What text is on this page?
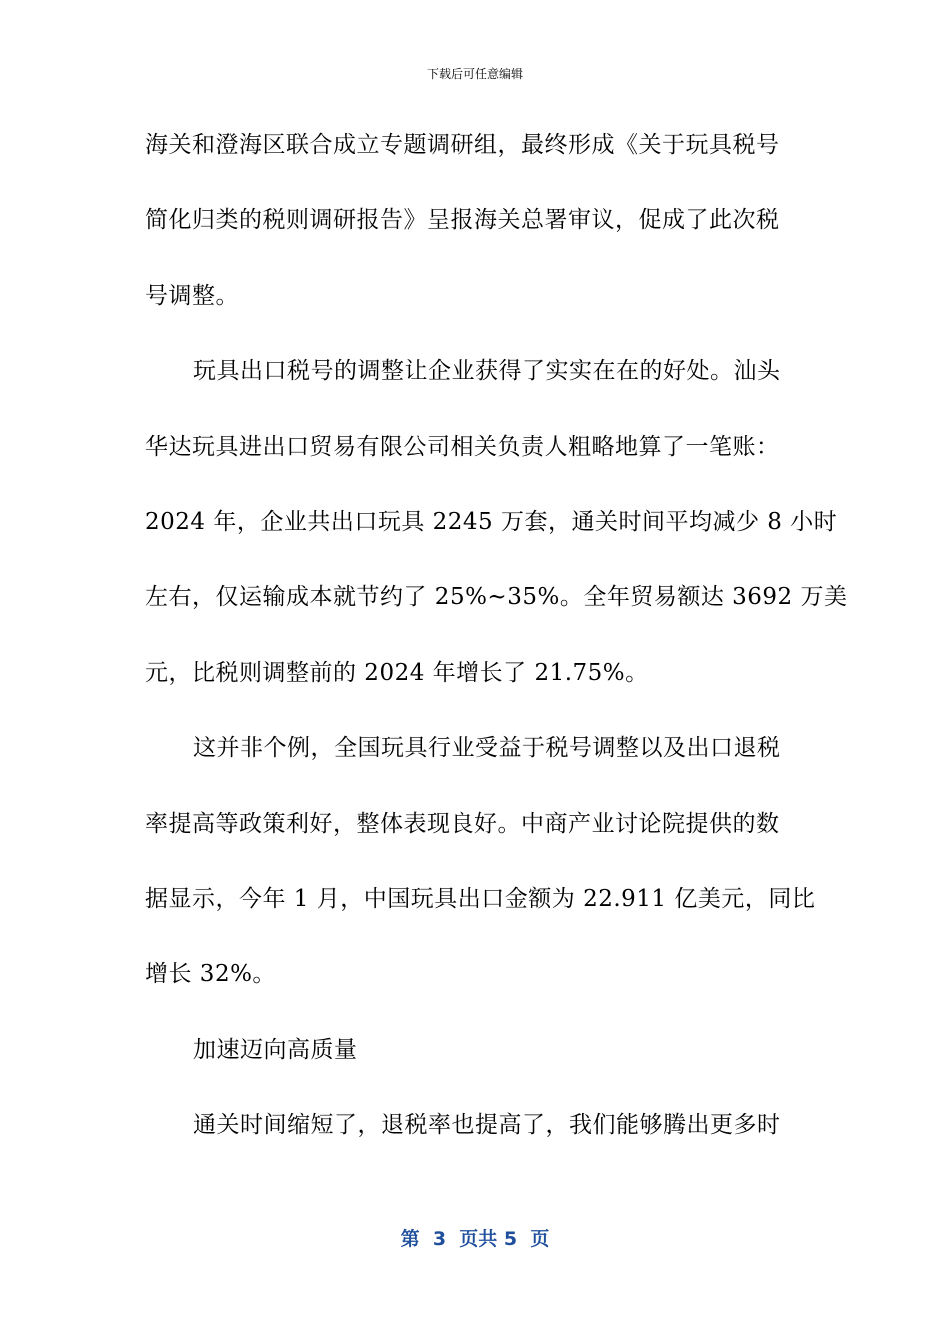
下载后可任意编辑
海关和澄海区联合成立专题调研组，最终形成《关于玩具税号
简化归类的税则调研报告》呈报海关总署审议，促成了此次税
号调整。
玩具出口税号的调整让企业获得了实实在在的好处。汕头
华达玩具进出口贸易有限公司相关负责人粗略地算了一笔账：
2024 年，企业共出口玩具 2245 万套，通关时间平均减少 8 小时
左右，仅运输成本就节约了 25%~35%。全年贸易额达 3692 万美
元，比税则调整前的 2024 年增长了 21.75%。
这并非个例，全国玩具行业受益于税号调整以及出口退税
率提高等政策利好，整体表现良好。中商产业讨论院提供的数
据显示，今年 1 月，中国玩具出口金额为 22.911 亿美元，同比
增长 32%。
加速迈向高质量
通关时间缩短了，退税率也提高了，我们能够腾出更多时
第  3  页共 5  页
